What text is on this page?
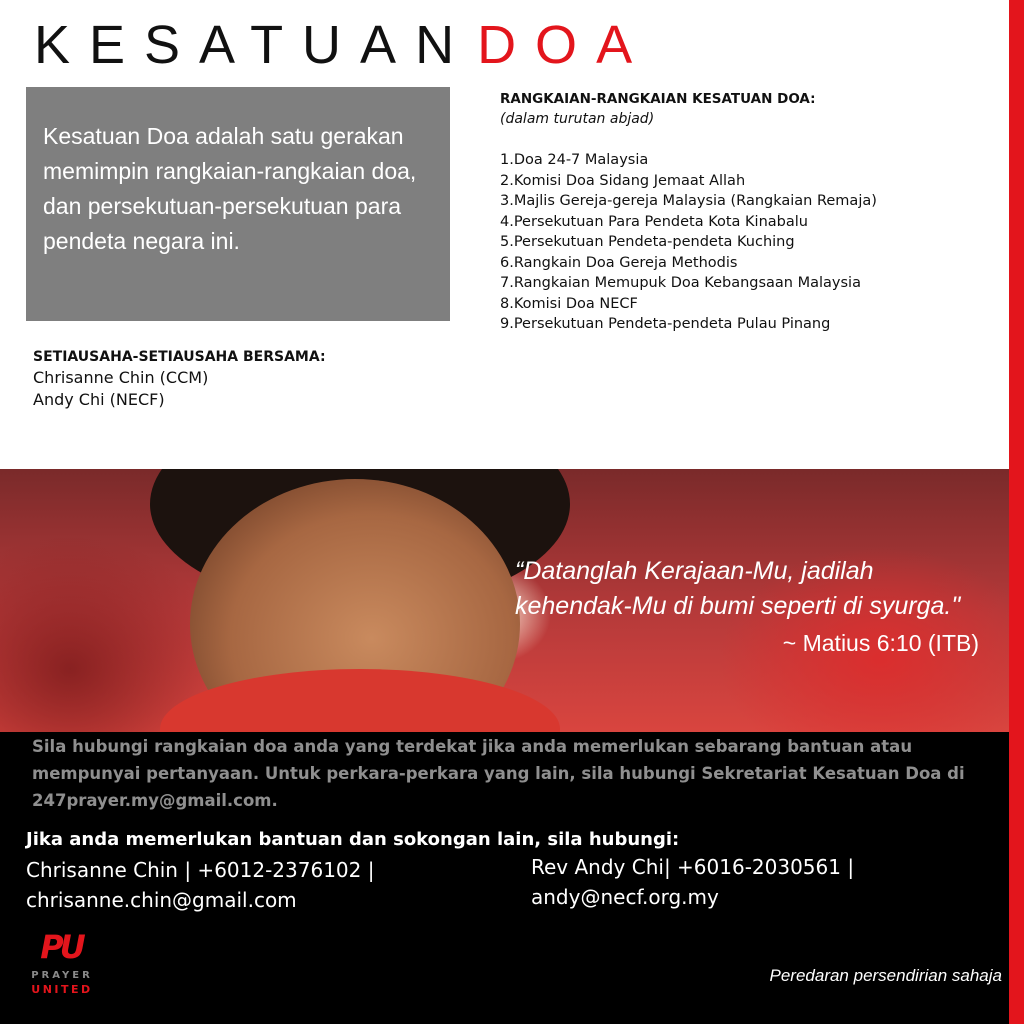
KESATUANDOA

Kesatuan Doa adalah satu gerakan memimpin rangkaian-rangkaian doa, dan persekutuan-persekutuan para pendeta negara ini.

RANGKAIAN-RANGKAIAN KESATUAN DOA:
(dalam turutan abjad)
1.Doa 24-7 Malaysia
2.Komisi Doa Sidang Jemaat Allah
3.Majlis Gereja-gereja Malaysia (Rangkaian Remaja)
4.Persekutuan Para Pendeta Kota Kinabalu
5.Persekutuan Pendeta-pendeta Kuching
6.Rangkain Doa Gereja Methodis
7.Rangkaian Memupuk Doa Kebangsaan Malaysia
8.Komisi Doa NECF
9.Persekutuan Pendeta-pendeta Pulau Pinang
SETIAUSAHA-SETIAUSAHA BERSAMA:
Chrisanne Chin (CCM)
Andy Chi (NECF)

“Datanglah Kerajaan-Mu, jadilah kehendak-Mu di bumi seperti di syurga."

~ Matius 6:10 (ITB)

Sila hubungi rangkaian doa anda yang terdekat jika anda memerlukan sebarang bantuan atau mempunyai pertanyaan. Untuk perkara-perkara yang lain, sila hubungi Sekretariat Kesatuan Doa di 247prayer.my@gmail.com.

Jika anda memerlukan bantuan dan sokongan lain, sila hubungi:

Chrisanne Chin | +6012-2376102 |
chrisanne.chin@gmail.com
Rev Andy Chi| +6016-2030561 |
andy@necf.org.my
PU
PRAYER
UNITED
Peredaran persendirian sahaja
